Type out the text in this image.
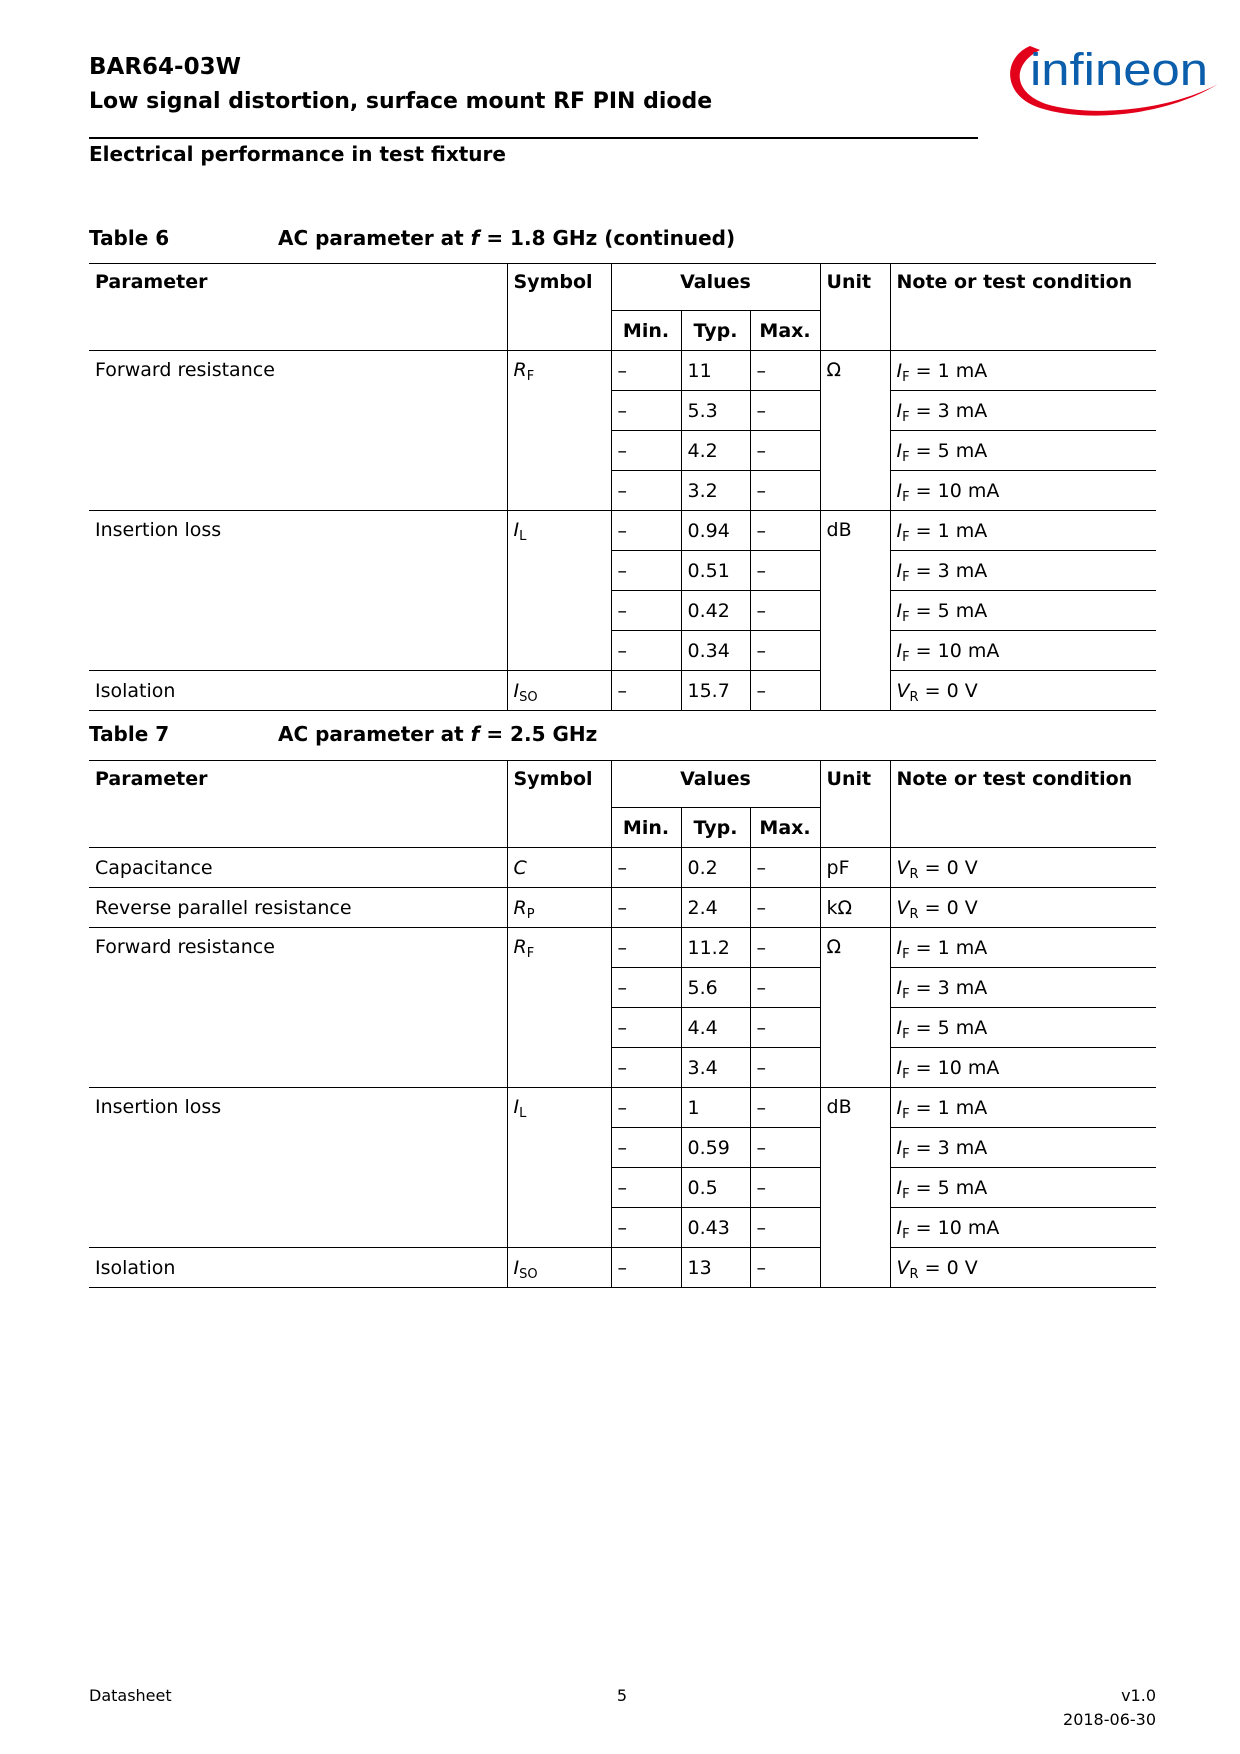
BAR64-03W
Low signal distortion, surface mount RF PIN diode
Electrical performance in test fixture
infineon
Table 6	AC parameter at f = 1.8 GHz (continued)
Parameter	Symbol	Values			Unit	Note or test condition
		Min.	Typ.	Max.		
Forward resistance	$R_F$	–	11	–	Ω	$I_F = 1$ mA
		–	5.3	–		$I_F = 3$ mA
		–	4.2	–		$I_F = 5$ mA
		–	3.2	–		$I_F = 10$ mA
Insertion loss	$I_L$	–	0.94	–	dB	$I_F = 1$ mA
		–	0.51	–		$I_F = 3$ mA
		–	0.42	–		$I_F = 5$ mA
		–	0.34	–		$I_F = 10$ mA
Isolation	$I_{SO}$	–	15.7	–		$V_R = 0$ V
Table 7	AC parameter at f = 2.5 GHz
Parameter	Symbol	Values			Unit	Note or test condition
		Min.	Typ.	Max.		
Capacitance	C	–	0.2	–	pF	$V_R = 0$ V
Reverse parallel resistance	$R_P$	–	2.4	–	kΩ	$V_R = 0$ V
Forward resistance	$R_F$	–	11.2	–	Ω	$I_F = 1$ mA
		–	5.6	–		$I_F = 3$ mA
		–	4.4	–		$I_F = 5$ mA
		–	3.4	–		$I_F = 10$ mA
Insertion loss	$I_L$	–	1	–	dB	$I_F = 1$ mA
		–	0.59	–		$I_F = 3$ mA
		–	0.5	–		$I_F = 5$ mA
		–	0.43	–		$I_F = 10$ mA
Isolation	$I_{SO}$	–	13	–		$V_R = 0$ V
Datasheet	5	v1.0
2018-06-30
